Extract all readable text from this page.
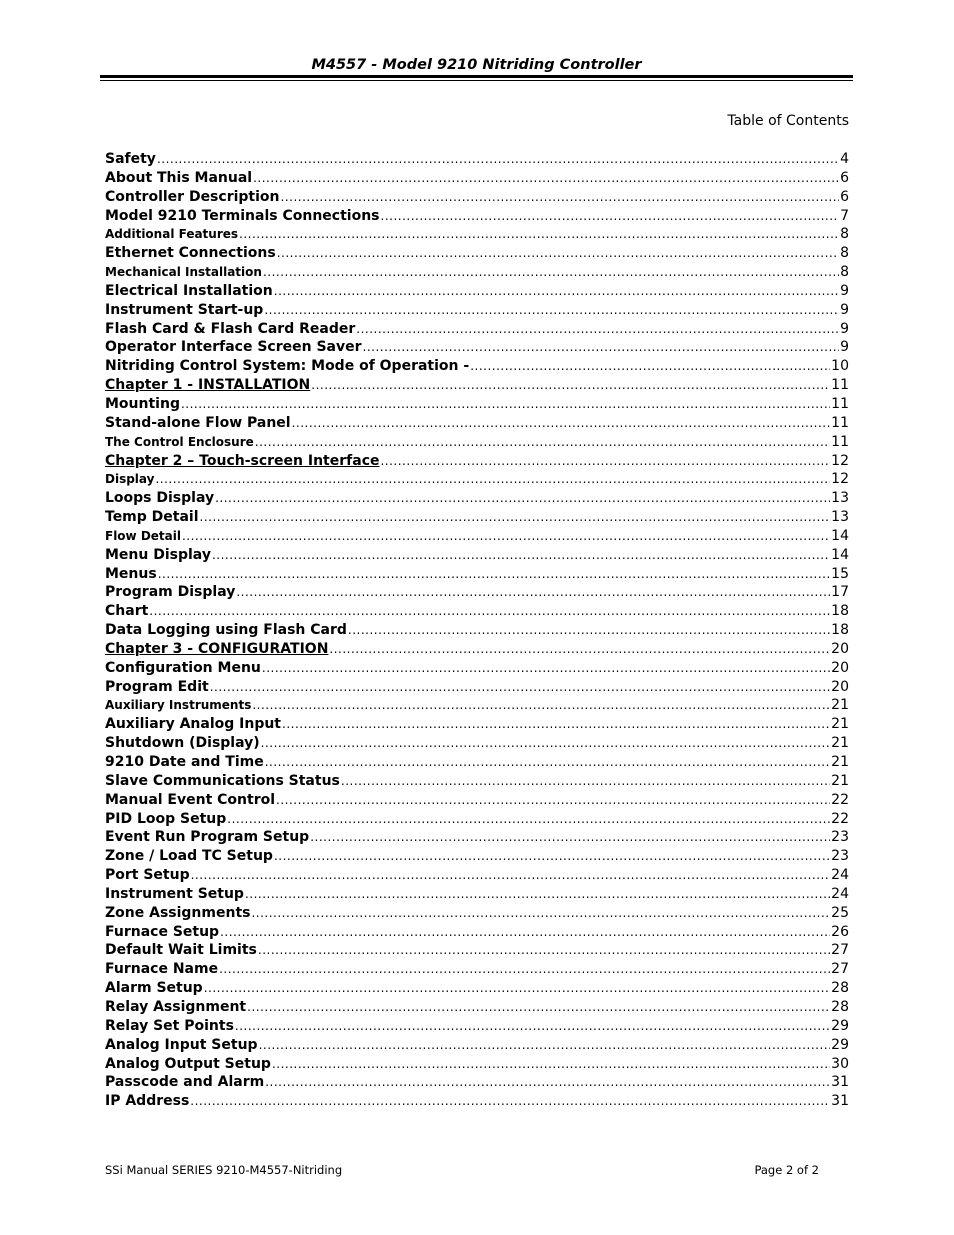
M4557 - Model 9210 Nitriding Controller
Table of Contents
Safety .....	4
About This Manual .....	6
Controller Description .....	6
Model 9210 Terminals Connections .....	7
Additional Features .....	8
Ethernet Connections .....	8
Mechanical Installation .....	8
Electrical Installation .....	9
Instrument Start-up .....	9
Flash Card & Flash Card Reader .....	9
Operator Interface Screen Saver .....	9
Nitriding Control System: Mode of Operation - .....	10
Chapter 1 - INSTALLATION .....	11
Mounting .....	11
Stand-alone Flow Panel .....	11
The Control Enclosure .....	11
Chapter 2 – Touch-screen Interface .....	12
Display .....	12
Loops Display .....	13
Temp Detail .....	13
Flow Detail .....	14
Menu Display .....	14
Menus .....	15
Program Display .....	17
Chart .....	18
Data Logging using Flash Card .....	18
Chapter 3 - CONFIGURATION .....	20
Configuration Menu .....	20
Program Edit .....	20
Auxiliary Instruments .....	21
Auxiliary Analog Input .....	21
Shutdown (Display) .....	21
9210 Date and Time .....	21
Slave Communications Status .....	21
Manual Event Control .....	22
PID Loop Setup .....	22
Event Run Program Setup .....	23
Zone / Load TC Setup .....	23
Port Setup .....	24
Instrument Setup .....	24
Zone Assignments .....	25
Furnace Setup .....	26
Default Wait Limits .....	27
Furnace Name .....	27
Alarm Setup .....	28
Relay Assignment .....	28
Relay Set Points .....	29
Analog Input Setup .....	29
Analog Output Setup .....	30
Passcode and Alarm .....	31
IP Address .....	31
SSi Manual SERIES 9210-M4557-Nitriding	Page 2 of 2
